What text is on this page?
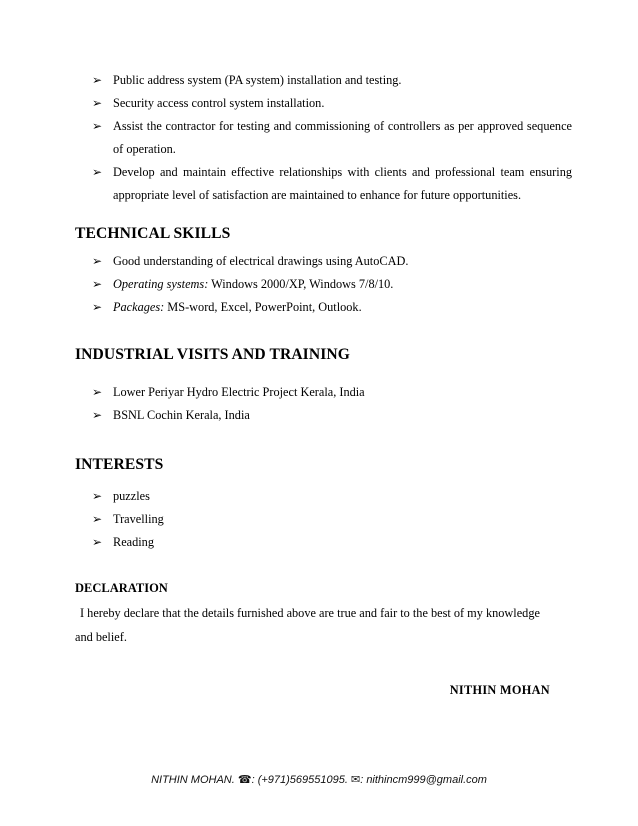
➢ Public address system (PA system) installation and testing.
➢ Security access control system installation.
➢ Assist the contractor for testing and commissioning of controllers as per approved sequence of operation.
➢ Develop and maintain effective relationships with clients and professional team ensuring appropriate level of satisfaction are maintained to enhance for future opportunities.
TECHNICAL SKILLS
➢ Good understanding of electrical drawings using AutoCAD.
➢ Operating systems: Windows 2000/XP, Windows 7/8/10.
➢ Packages: MS-word, Excel, PowerPoint, Outlook.
INDUSTRIAL VISITS AND TRAINING
➢ Lower Periyar Hydro Electric Project Kerala, India
➢ BSNL Cochin Kerala, India
INTERESTS
➢ puzzles
➢ Travelling
➢ Reading
DECLARATION

I hereby declare that the details furnished above are true and fair to the best of my knowledge and belief.

NITHIN MOHAN

NITHIN MOHAN. ☎: (+971)569551095. ✉: nithincm999@gmail.com
